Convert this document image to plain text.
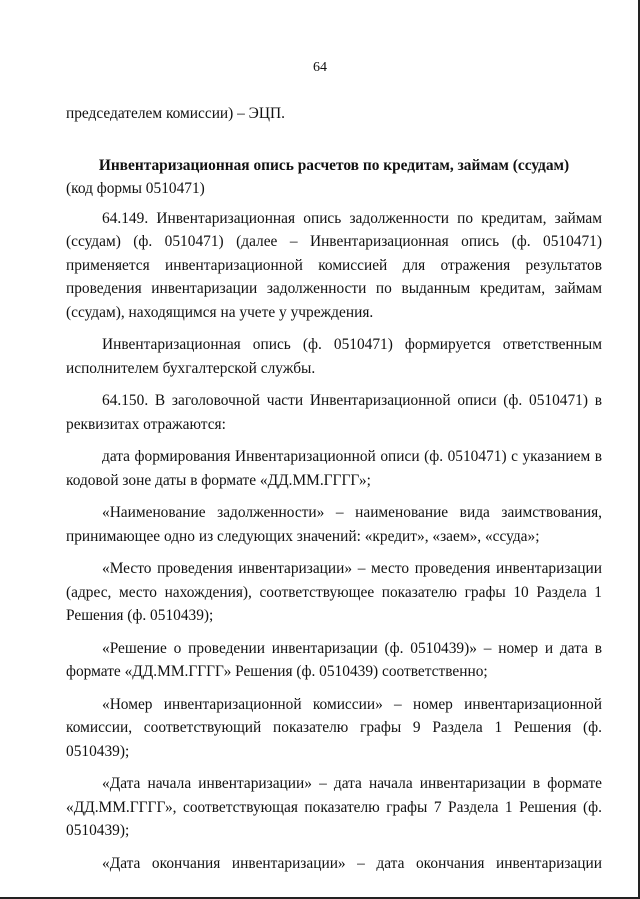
64

председателем комиссии) – ЭЦП.

Инвентаризационная опись расчетов по кредитам, займам (ссудам)

(код формы 0510471)

64.149. Инвентаризационная опись задолженности по кредитам, займам (ссудам) (ф. 0510471) (далее – Инвентаризационная опись (ф. 0510471) применяется инвентаризационной комиссией для отражения результатов проведения инвентаризации задолженности по выданным кредитам, займам (ссудам), находящимся на учете у учреждения.

Инвентаризационная опись (ф. 0510471) формируется ответственным исполнителем бухгалтерской службы.

64.150. В заголовочной части Инвентаризационной описи (ф. 0510471) в реквизитах отражаются:

дата формирования Инвентаризационной описи (ф. 0510471) с указанием в кодовой зоне даты в формате «ДД.ММ.ГГГГ»;

«Наименование задолженности» – наименование вида заимствования, принимающее одно из следующих значений: «кредит», «заем», «ссуда»;

«Место проведения инвентаризации» – место проведения инвентаризации (адрес, место нахождения), соответствующее показателю графы 10 Раздела 1 Решения (ф. 0510439);

«Решение о проведении инвентаризации (ф. 0510439)» – номер и дата в формате «ДД.ММ.ГГГГ» Решения (ф. 0510439) соответственно;

«Номер инвентаризационной комиссии» – номер инвентаризационной комиссии, соответствующий показателю графы 9 Раздела 1 Решения (ф. 0510439);

«Дата начала инвентаризации» – дата начала инвентаризации в формате «ДД.ММ.ГГГГ», соответствующая показателю графы 7 Раздела 1 Решения (ф. 0510439);

«Дата окончания инвентаризации» – дата окончания инвентаризации
